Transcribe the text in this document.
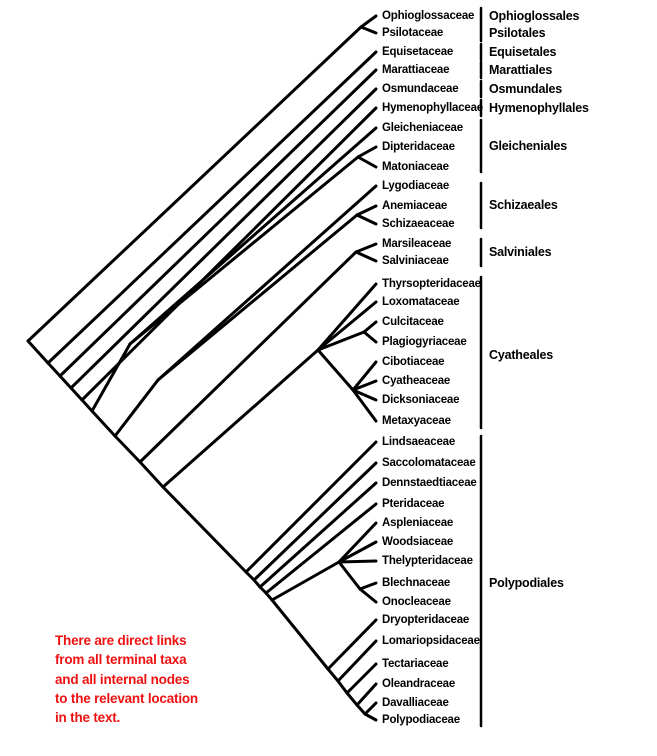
Ophioglossaceae
Psilotaceae
Equisetaceae
Marattiaceae
Osmundaceae
Hymenophyllaceae
Gleicheniaceae
Dipteridaceae
Matoniaceae
Lygodiaceae
Anemiaceae
Schizaeaceae
Marsileaceae
Salviniaceae
Thyrsopteridaceae
Loxomataceae
Culcitaceae
Plagiogyriaceae
Cibotiaceae
Cyatheaceae
Dicksoniaceae
Metaxyaceae
Lindsaeaceae
Saccolomataceae
Dennstaedtiaceae
Pteridaceae
Aspleniaceae
Woodsiaceae
Thelypteridaceae
Blechnaceae
Onocleaceae
Dryopteridaceae
Lomariopsidaceae
Tectariaceae
Oleandraceae
Davalliaceae
Polypodiaceae
Ophioglossales
Psilotales
Equisetales
Marattiales
Osmundales
Hymenophyllales
Gleicheniales
Schizaeales
Salviniales
Cyatheales
Polypodiales
There are direct links
from all terminal taxa
and all internal nodes
to the relevant location
in the text.
